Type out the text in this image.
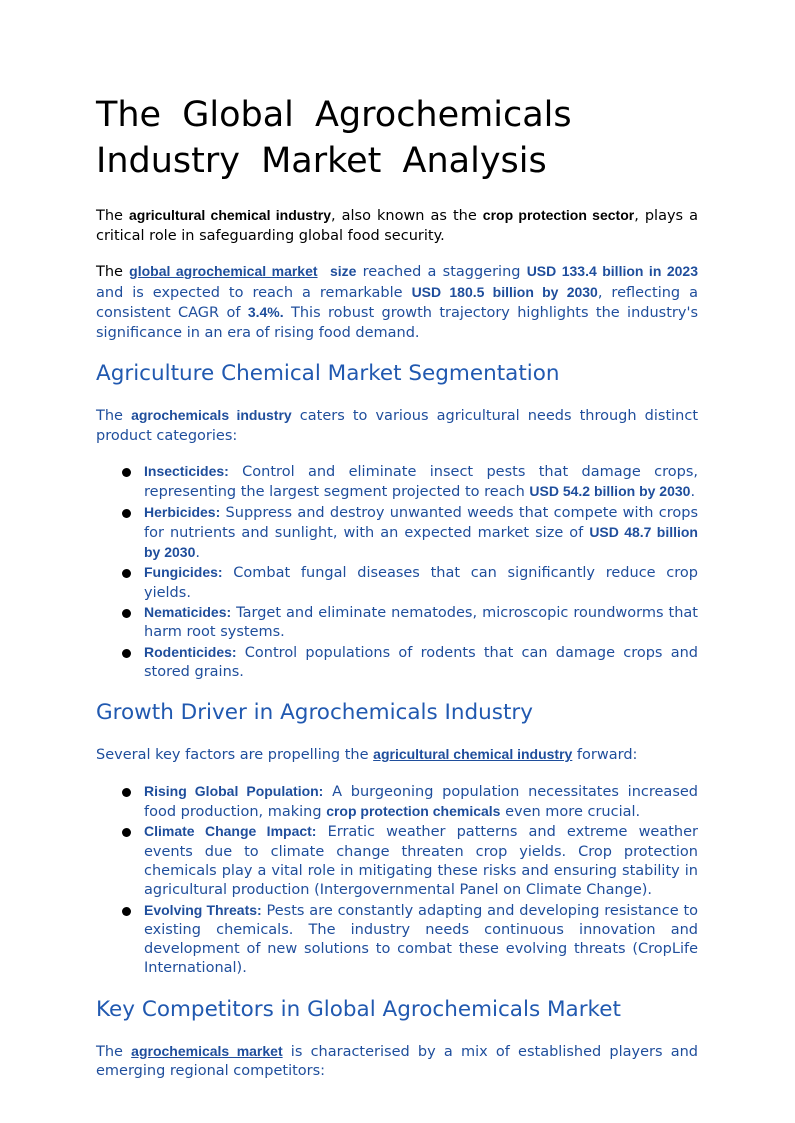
The Global Agrochemicals Industry Market Analysis

The agricultural chemical industry, also known as the crop protection sector, plays a critical role in safeguarding global food security.

The global agrochemical market size reached a staggering USD 133.4 billion in 2023 and is expected to reach a remarkable USD 180.5 billion by 2030, reflecting a consistent CAGR of 3.4%. This robust growth trajectory highlights the industry's significance in an era of rising food demand.

Agriculture Chemical Market Segmentation

The agrochemicals industry caters to various agricultural needs through distinct product categories:

Insecticides: Control and eliminate insect pests that damage crops, representing the largest segment projected to reach USD 54.2 billion by 2030.
Herbicides: Suppress and destroy unwanted weeds that compete with crops for nutrients and sunlight, with an expected market size of USD 48.7 billion by 2030.
Fungicides: Combat fungal diseases that can significantly reduce crop yields.
Nematicides: Target and eliminate nematodes, microscopic roundworms that harm root systems.
Rodenticides: Control populations of rodents that can damage crops and stored grains.
Growth Driver in Agrochemicals Industry

Several key factors are propelling the agricultural chemical industry forward:

Rising Global Population: A burgeoning population necessitates increased food production, making crop protection chemicals even more crucial.
Climate Change Impact: Erratic weather patterns and extreme weather events due to climate change threaten crop yields. Crop protection chemicals play a vital role in mitigating these risks and ensuring stability in agricultural production (Intergovernmental Panel on Climate Change).
Evolving Threats: Pests are constantly adapting and developing resistance to existing chemicals. The industry needs continuous innovation and development of new solutions to combat these evolving threats (CropLife International).
Key Competitors in Global Agrochemicals Market

The agrochemicals market is characterised by a mix of established players and emerging regional competitors:
